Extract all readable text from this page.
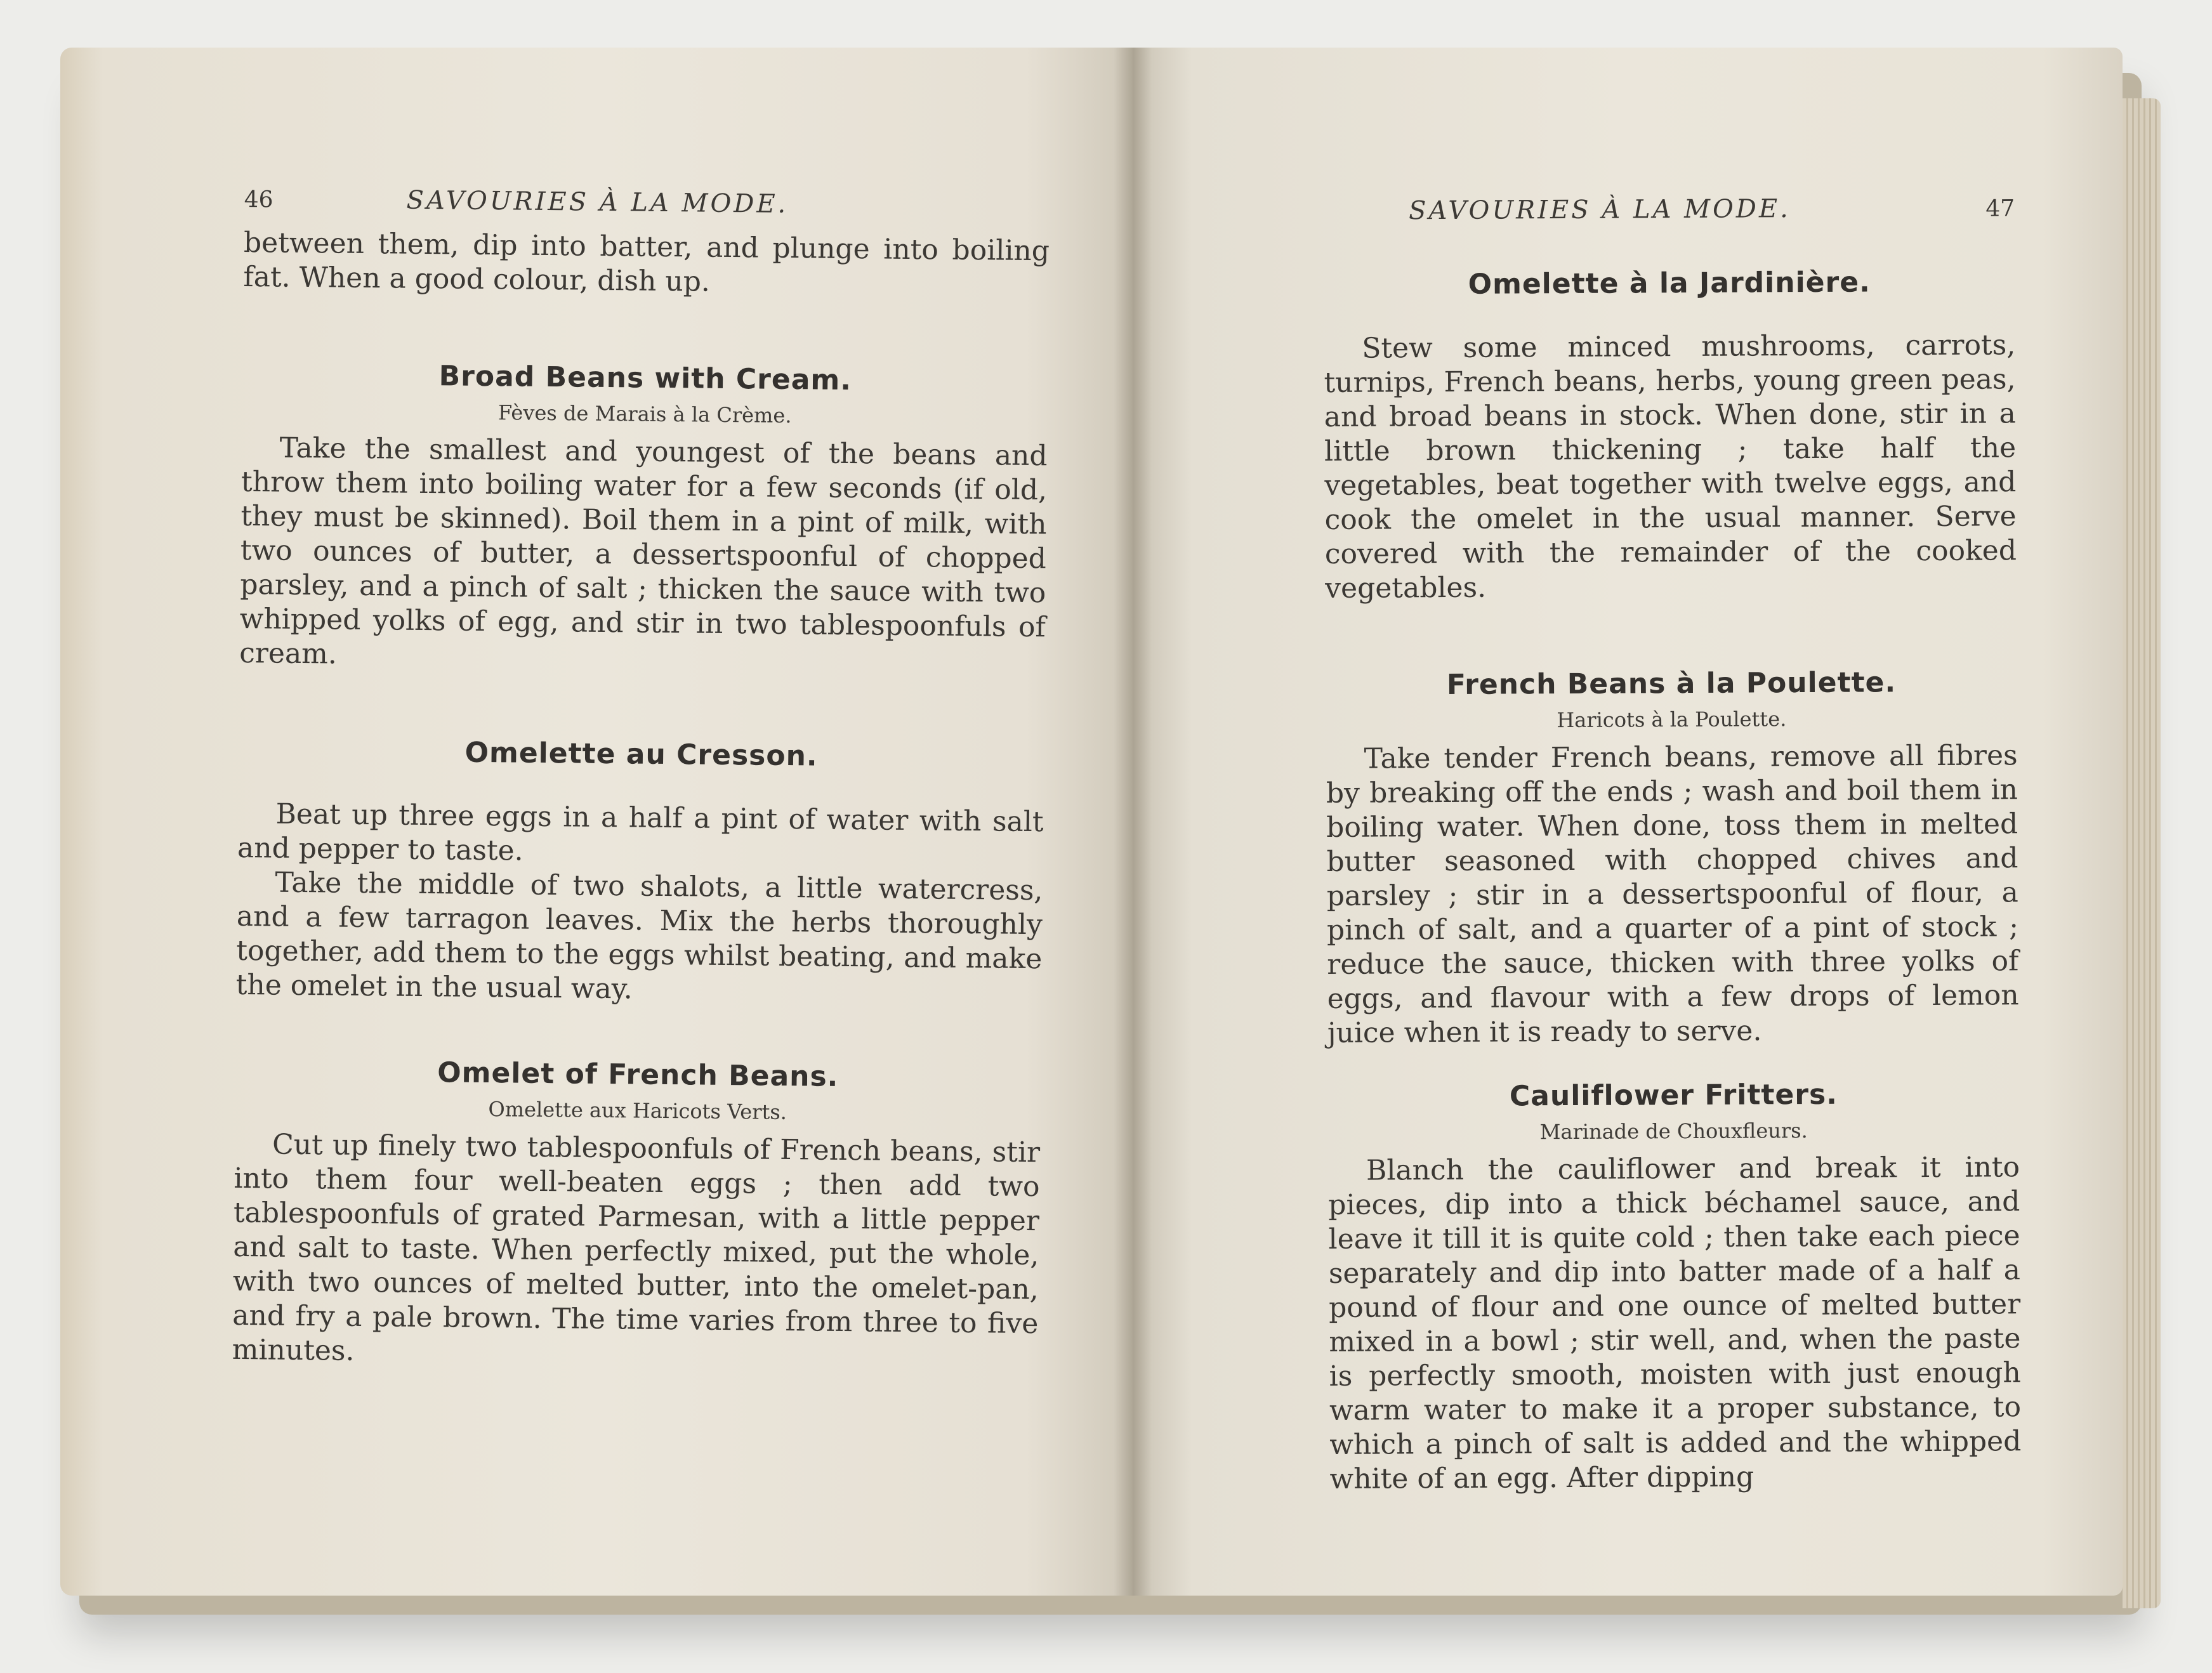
46	SAVOURIES À LA MODE.

between them, dip into batter, and plunge into boiling fat. When a good colour, dish up.

Broad Beans with Cream.
Fèves de Marais à la Crème.

Take the smallest and youngest of the beans and throw them into boiling water for a few seconds (if old, they must be skinned). Boil them in a pint of milk, with two ounces of butter, a dessertspoonful of chopped parsley, and a pinch of salt ; thicken the sauce with two whipped yolks of egg, and stir in two tablespoonfuls of cream.

Omelette au Cresson.

Beat up three eggs in a half a pint of water with salt and pepper to taste.

Take the middle of two shalots, a little watercress, and a few tarragon leaves. Mix the herbs thoroughly together, add them to the eggs whilst beating, and make the omelet in the usual way.

Omelet of French Beans.
Omelette aux Haricots Verts.

Cut up finely two tablespoonfuls of French beans, stir into them four well-beaten eggs ; then add two tablespoonfuls of grated Parmesan, with a little pepper and salt to taste. When perfectly mixed, put the whole, with two ounces of melted butter, into the omelet-pan, and fry a pale brown. The time varies from three to five minutes.

SAVOURIES À LA MODE.	47
Omelette à la Jardinière.

Stew some minced mushrooms, carrots, turnips, French beans, herbs, young green peas, and broad beans in stock. When done, stir in a little brown thickening ; take half the vegetables, beat together with twelve eggs, and cook the omelet in the usual manner. Serve covered with the remainder of the cooked vegetables.

French Beans à la Poulette.
Haricots à la Poulette.

Take tender French beans, remove all fibres by breaking off the ends ; wash and boil them in boiling water. When done, toss them in melted butter seasoned with chopped chives and parsley ; stir in a dessertspoonful of flour, a pinch of salt, and a quarter of a pint of stock ; reduce the sauce, thicken with three yolks of eggs, and flavour with a few drops of lemon juice when it is ready to serve.

Cauliflower Fritters.
Marinade de Chouxfleurs.

Blanch the cauliflower and break it into pieces, dip into a thick béchamel sauce, and leave it till it is quite cold ; then take each piece separately and dip into batter made of a half a pound of flour and one ounce of melted butter mixed in a bowl ; stir well, and, when the paste is perfectly smooth, moisten with just enough warm water to make it a proper substance, to which a pinch of salt is added and the whipped white of an egg. After dipping
